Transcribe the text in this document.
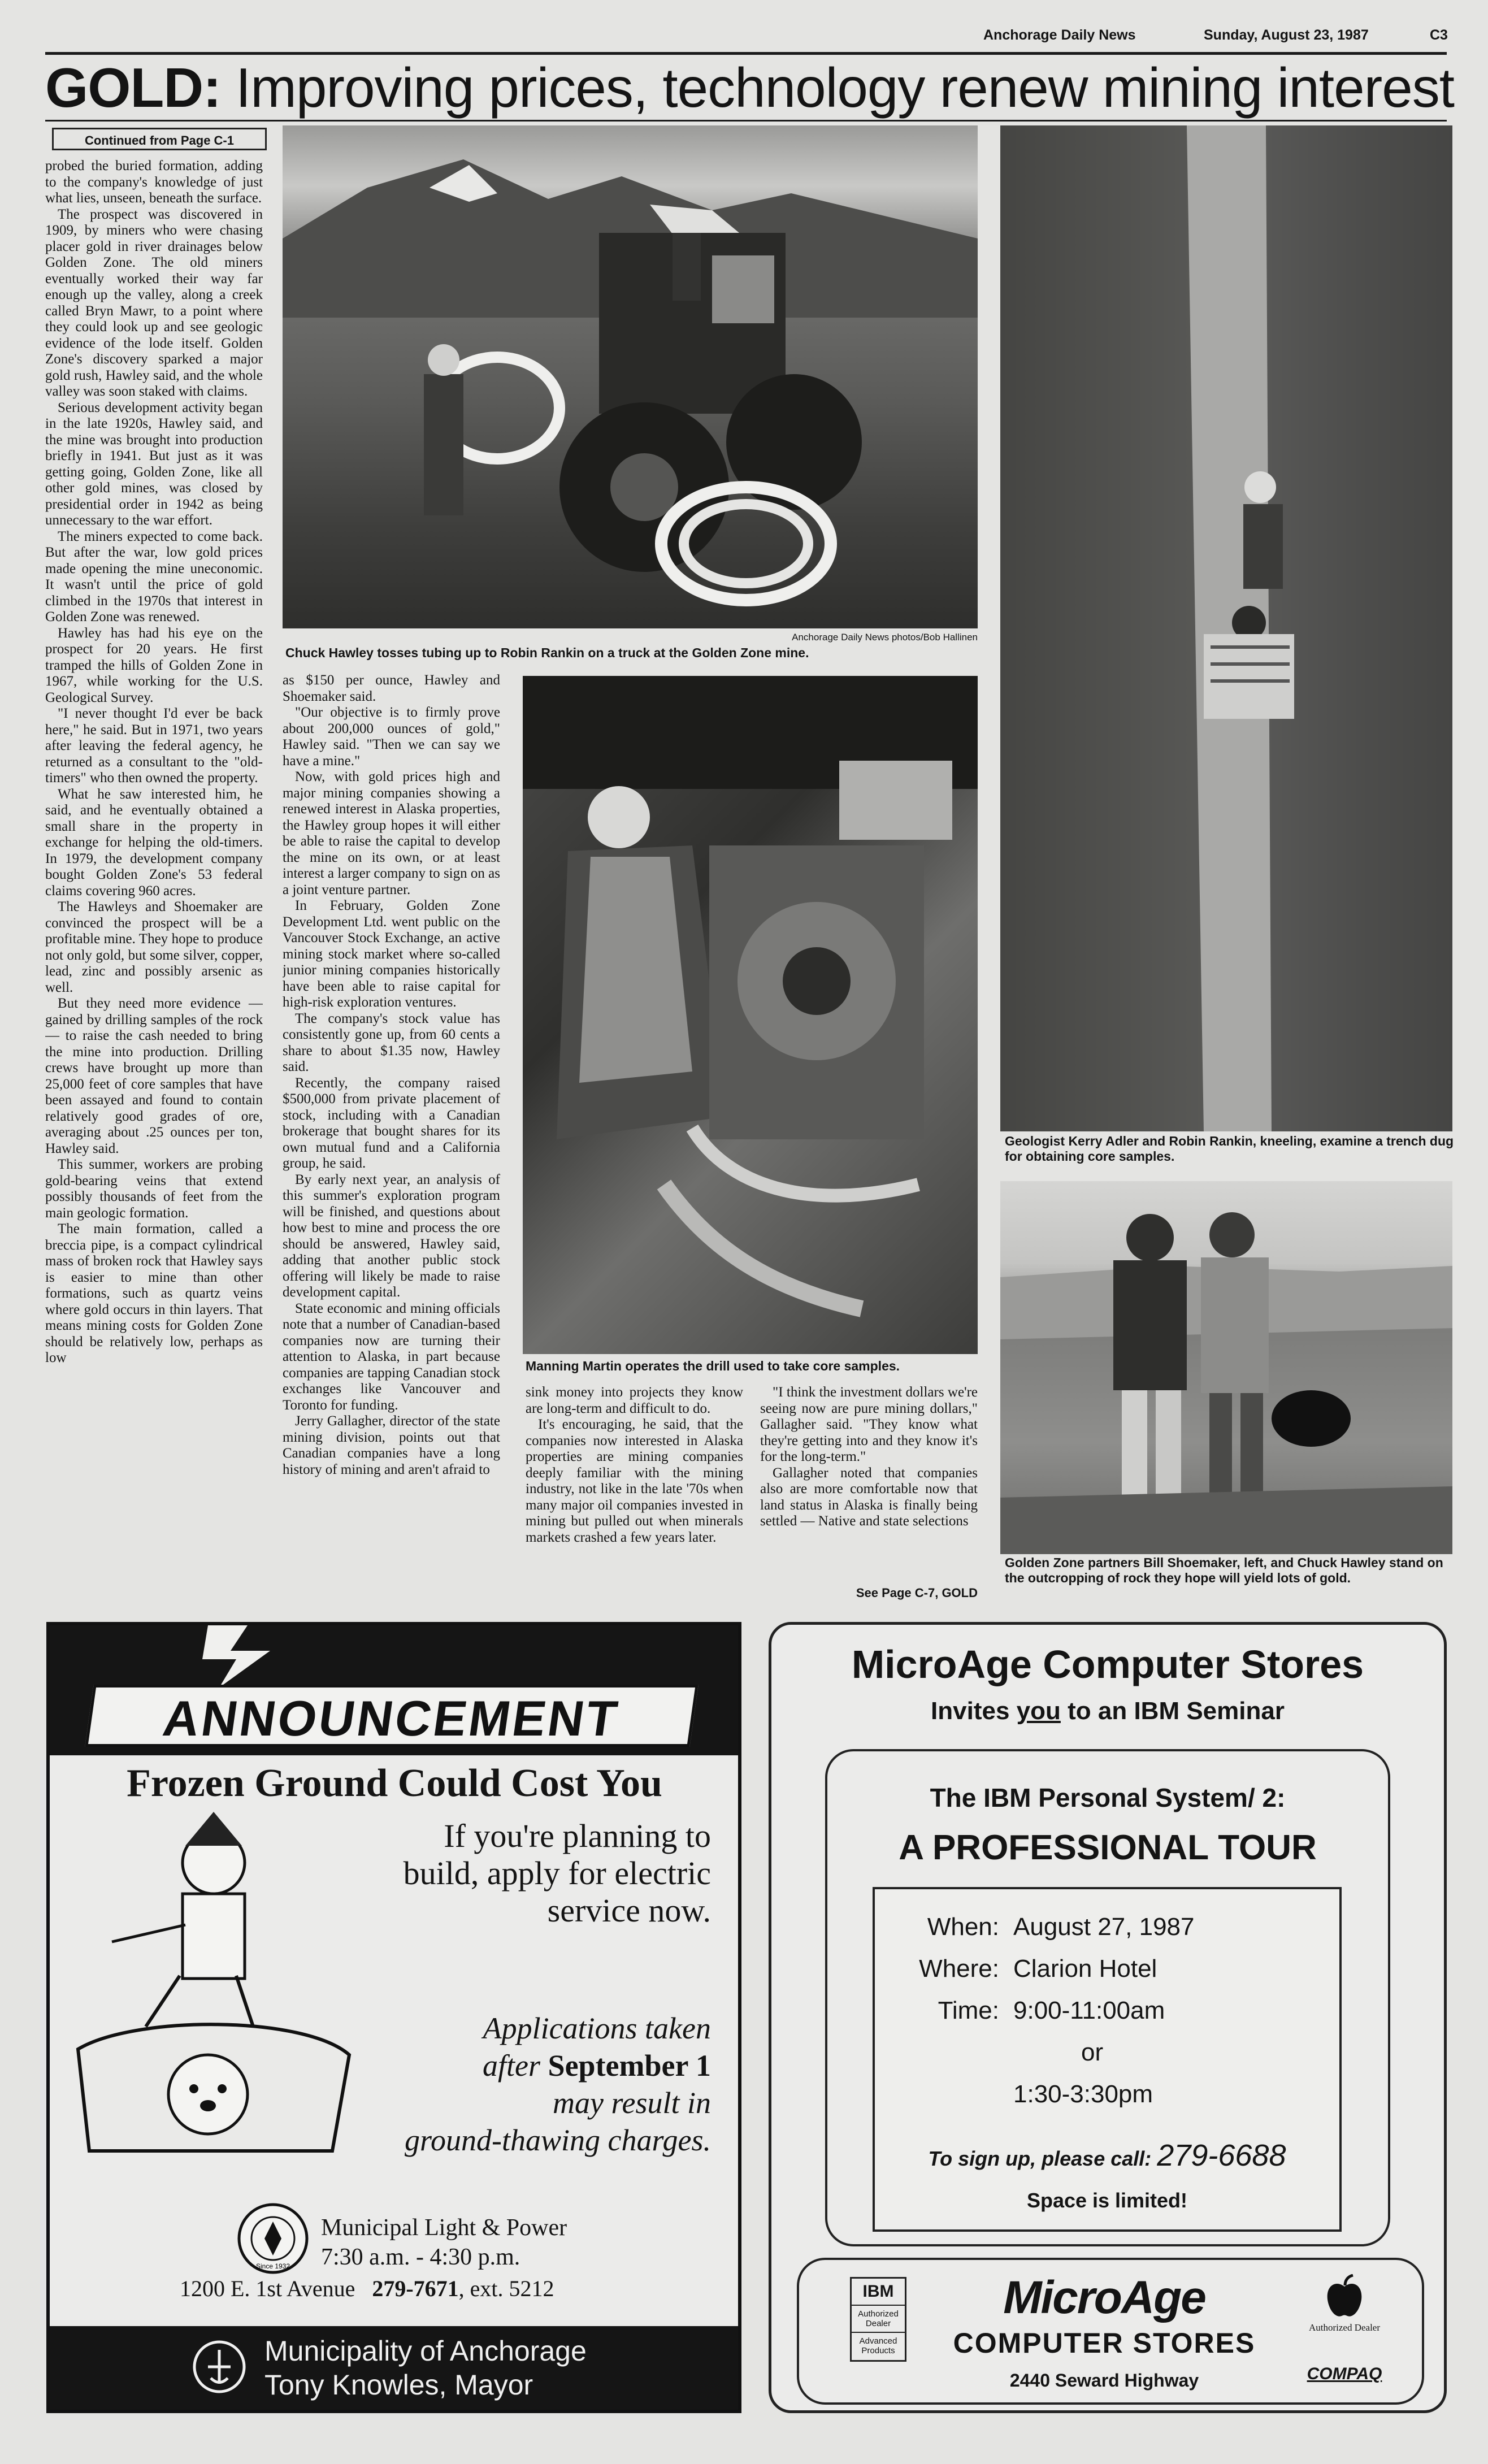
Anchorage Daily News	Sunday, August 23, 1987	C3
GOLD: Improving prices, technology renew mining interest
Continued from Page C-1

probed the buried formation, adding to the company's knowledge of just what lies, unseen, beneath the surface.

The prospect was discovered in 1909, by miners who were chasing placer gold in river drainages below Golden Zone. The old miners eventually worked their way far enough up the valley, along a creek called Bryn Mawr, to a point where they could look up and see geologic evidence of the lode itself. Golden Zone's discovery sparked a major gold rush, Hawley said, and the whole valley was soon staked with claims.

Serious development activity began in the late 1920s, Hawley said, and the mine was brought into production briefly in 1941. But just as it was getting going, Golden Zone, like all other gold mines, was closed by presidential order in 1942 as being unnecessary to the war effort.

The miners expected to come back. But after the war, low gold prices made opening the mine uneconomic. It wasn't until the price of gold climbed in the 1970s that interest in Golden Zone was renewed.

Hawley has had his eye on the prospect for 20 years. He first tramped the hills of Golden Zone in 1967, while working for the U.S. Geological Survey.

"I never thought I'd ever be back here," he said. But in 1971, two years after leaving the federal agency, he returned as a consultant to the "old-timers" who then owned the property.

What he saw interested him, he said, and he eventually obtained a small share in the property in exchange for helping the old-timers. In 1979, the development company bought Golden Zone's 53 federal claims covering 960 acres.

The Hawleys and Shoemaker are convinced the prospect will be a profitable mine. They hope to produce not only gold, but some silver, copper, lead, zinc and possibly arsenic as well.

But they need more evidence — gained by drilling samples of the rock — to raise the cash needed to bring the mine into production. Drilling crews have brought up more than 25,000 feet of core samples that have been assayed and found to contain relatively good grades of ore, averaging about .25 ounces per ton, Hawley said.

This summer, workers are probing gold-bearing veins that extend possibly thousands of feet from the main geologic formation.

The main formation, called a breccia pipe, is a compact cylindrical mass of broken rock that Hawley says is easier to mine than other formations, such as quartz veins where gold occurs in thin layers. That means mining costs for Golden Zone should be relatively low, perhaps as low

Anchorage Daily News photos/Bob Hallinen
Chuck Hawley tosses tubing up to Robin Rankin on a truck at the Golden Zone mine.

as $150 per ounce, Hawley and Shoemaker said.

"Our objective is to firmly prove about 200,000 ounces of gold," Hawley said. "Then we can say we have a mine."

Now, with gold prices high and major mining companies showing a renewed interest in Alaska properties, the Hawley group hopes it will either be able to raise the capital to develop the mine on its own, or at least interest a larger company to sign on as a joint venture partner.

In February, Golden Zone Development Ltd. went public on the Vancouver Stock Exchange, an active mining stock market where so-called junior mining companies historically have been able to raise capital for high-risk exploration ventures.

The company's stock value has consistently gone up, from 60 cents a share to about $1.35 now, Hawley said.

Recently, the company raised $500,000 from private placement of stock, including with a Canadian brokerage that bought shares for its own mutual fund and a California group, he said.

By early next year, an analysis of this summer's exploration program will be finished, and questions about how best to mine and process the ore should be answered, Hawley said, adding that another public stock offering will likely be made to raise development capital.

State economic and mining officials note that a number of Canadian-based companies now are turning their attention to Alaska, in part because companies are tapping Canadian stock exchanges like Vancouver and Toronto for funding.

Jerry Gallagher, director of the state mining division, points out that Canadian companies have a long history of mining and aren't afraid to

Manning Martin operates the drill used to take core samples.

sink money into projects they know are long-term and difficult to do.

It's encouraging, he said, that the companies now interested in Alaska properties are mining companies deeply familiar with the mining industry, not like in the late '70s when many major oil companies invested in mining but pulled out when minerals markets crashed a few years later.

"I think the investment dollars we're seeing now are pure mining dollars," Gallagher said. "They know what they're getting into and they know it's for the long-term."

Gallagher noted that companies also are more comfortable now that land status in Alaska is finally being settled — Native and state selections

See Page C-7, GOLD
Geologist Kerry Adler and Robin Rankin, kneeling, examine a trench dug for obtaining core samples.
Golden Zone partners Bill Shoemaker, left, and Chuck Hawley stand on the outcropping of rock they hope will yield lots of gold.
ANNOUNCEMENT
Frozen Ground Could Cost You
If you're planning to
build, apply for electric
service now.
Applications taken
after September 1
may result in
ground-thawing charges.
Since 1932
Municipal Light & Power
7:30 a.m. - 4:30 p.m.
1200 E. 1st Avenue 279-7671, ext. 5212
Municipality of Anchorage
Tony Knowles, Mayor
MicroAge Computer Stores
Invites you to an IBM Seminar
The IBM Personal System/ 2:
A PROFESSIONAL TOUR
When:
Where:
Time:
August 27, 1987
Clarion Hotel
9:00-11:00am
or
1:30-3:30pm
To sign up, please call: 279-6688
Space is limited!
IBM
Authorized Dealer
Advanced Products
MicroAge
COMPUTER STORES
2440 Seward Highway
Authorized Dealer
COMPAQ
